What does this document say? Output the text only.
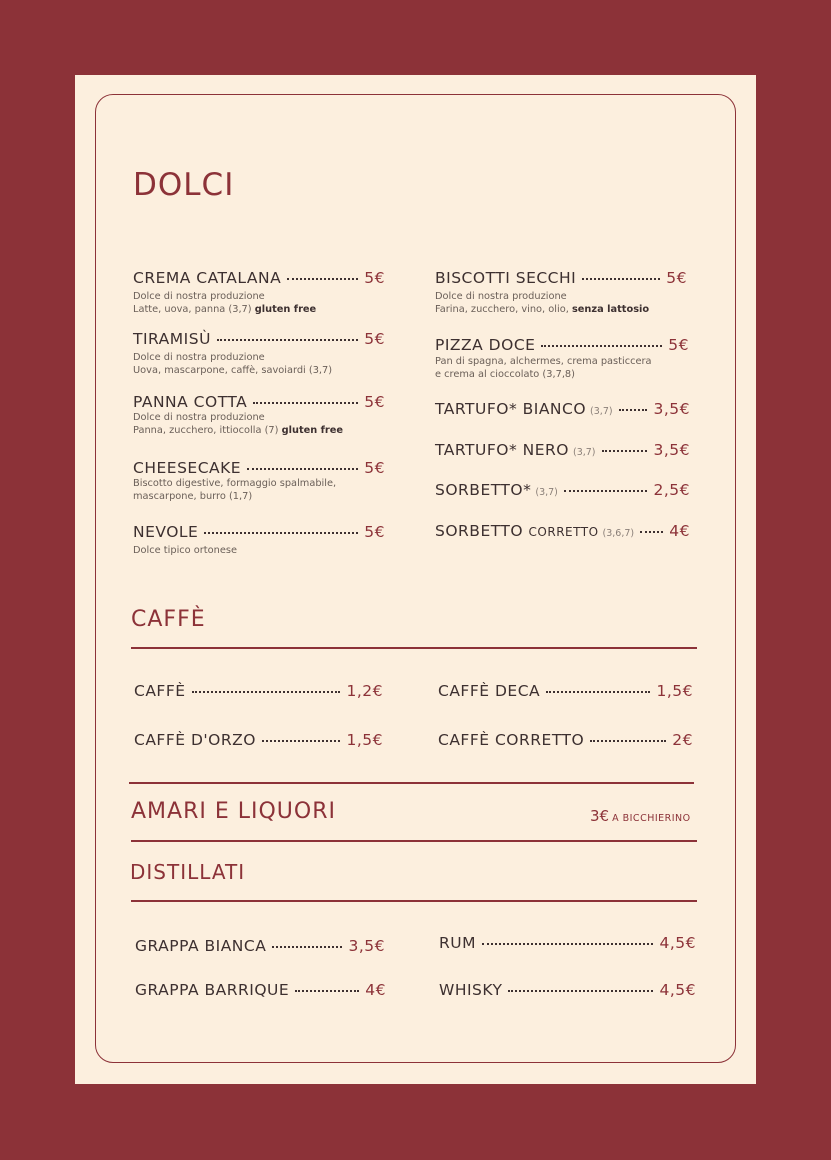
DOLCI
CREMA CATALANA	5€
Dolce di nostra produzione
Latte, uova, panna (3,7) gluten free
TIRAMISÙ	5€
Dolce di nostra produzione
Uova, mascarpone, caffè, savoiardi (3,7)
PANNA COTTA	5€
Dolce di nostra produzione
Panna, zucchero, ittiocolla (7) gluten free
CHEESECAKE	5€
Biscotto digestive, formaggio spalmabile,
mascarpone, burro (1,7)
NEVOLE	5€
Dolce tipico ortonese
BISCOTTI SECCHI	5€
Dolce di nostra produzione
Farina, zucchero, vino, olio, senza lattosio
PIZZA DOCE	5€
Pan di spagna, alchermes, crema pasticcera
e crema al cioccolato (3,7,8)
TARTUFO* BIANCO (3,7)	3,5€
TARTUFO* NERO (3,7)	3,5€
SORBETTO* (3,7)	2,5€
SORBETTO CORRETTO (3,6,7) 4€
CAFFÈ
CAFFÈ	1,2€
CAFFÈ D'ORZO	1,5€
CAFFÈ DECA	1,5€
CAFFÈ CORRETTO	2€
AMARI E LIQUORI	3€ A BICCHIERINO
DISTILLATI
GRAPPA BIANCA	3,5€
GRAPPA BARRIQUE	4€
RUM	4,5€
WHISKY	4,5€
